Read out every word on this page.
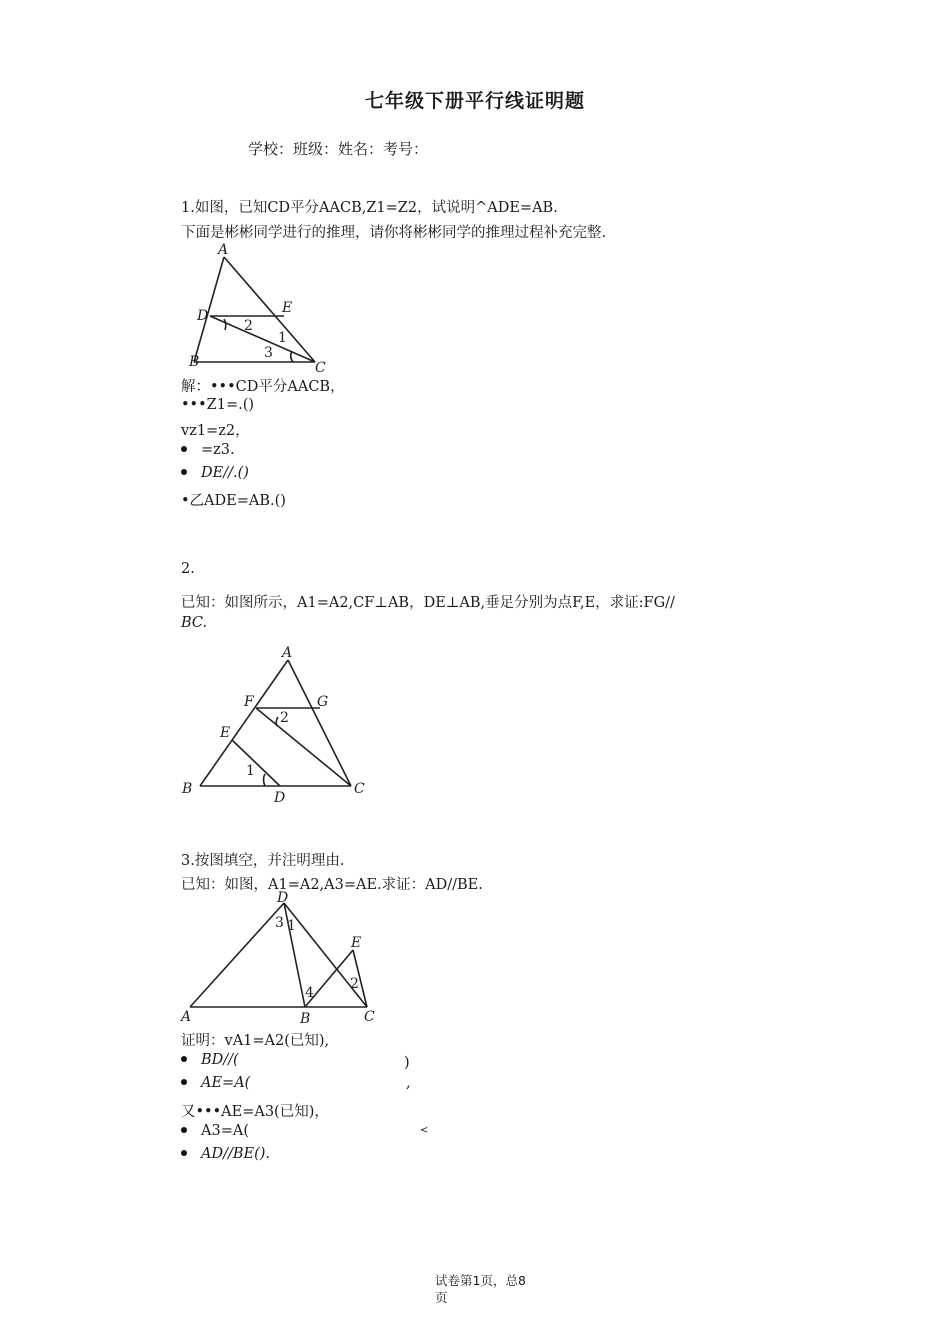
七年级下册平行线证明题
学校：班级：姓名：考号：
1.如图，已知CD平分AACB,Z1=Z2，试说明^ADE=AB.
下面是彬彬同学进行的推理，请你将彬彬同学的推理过程补充完整.
A
D	E
B	C
1
2
3
解：•••CD平分AACB，
•••Z1=.()
vz1=z2，
=z3.
DE//.()
•乙ADE=AB.()
2.
已知：如图所示，A1=A2,CF⊥AB，DE⊥AB,垂足分别为点F,E，求证:FG//
BC.
A
F	G
E
B
D
C
1
2
3.按图填空，并注明理由.
已知：如图，A1=A2,A3=AE.求证：AD//BE.
D
E
A	B	C
1
2
3
4
证明：vA1=A2(已知),
BD//(	)
AE=A(	,
又•••AE=A3(已知)，
A3=A(	<
AD//BE().
试卷第1页，总8
页
